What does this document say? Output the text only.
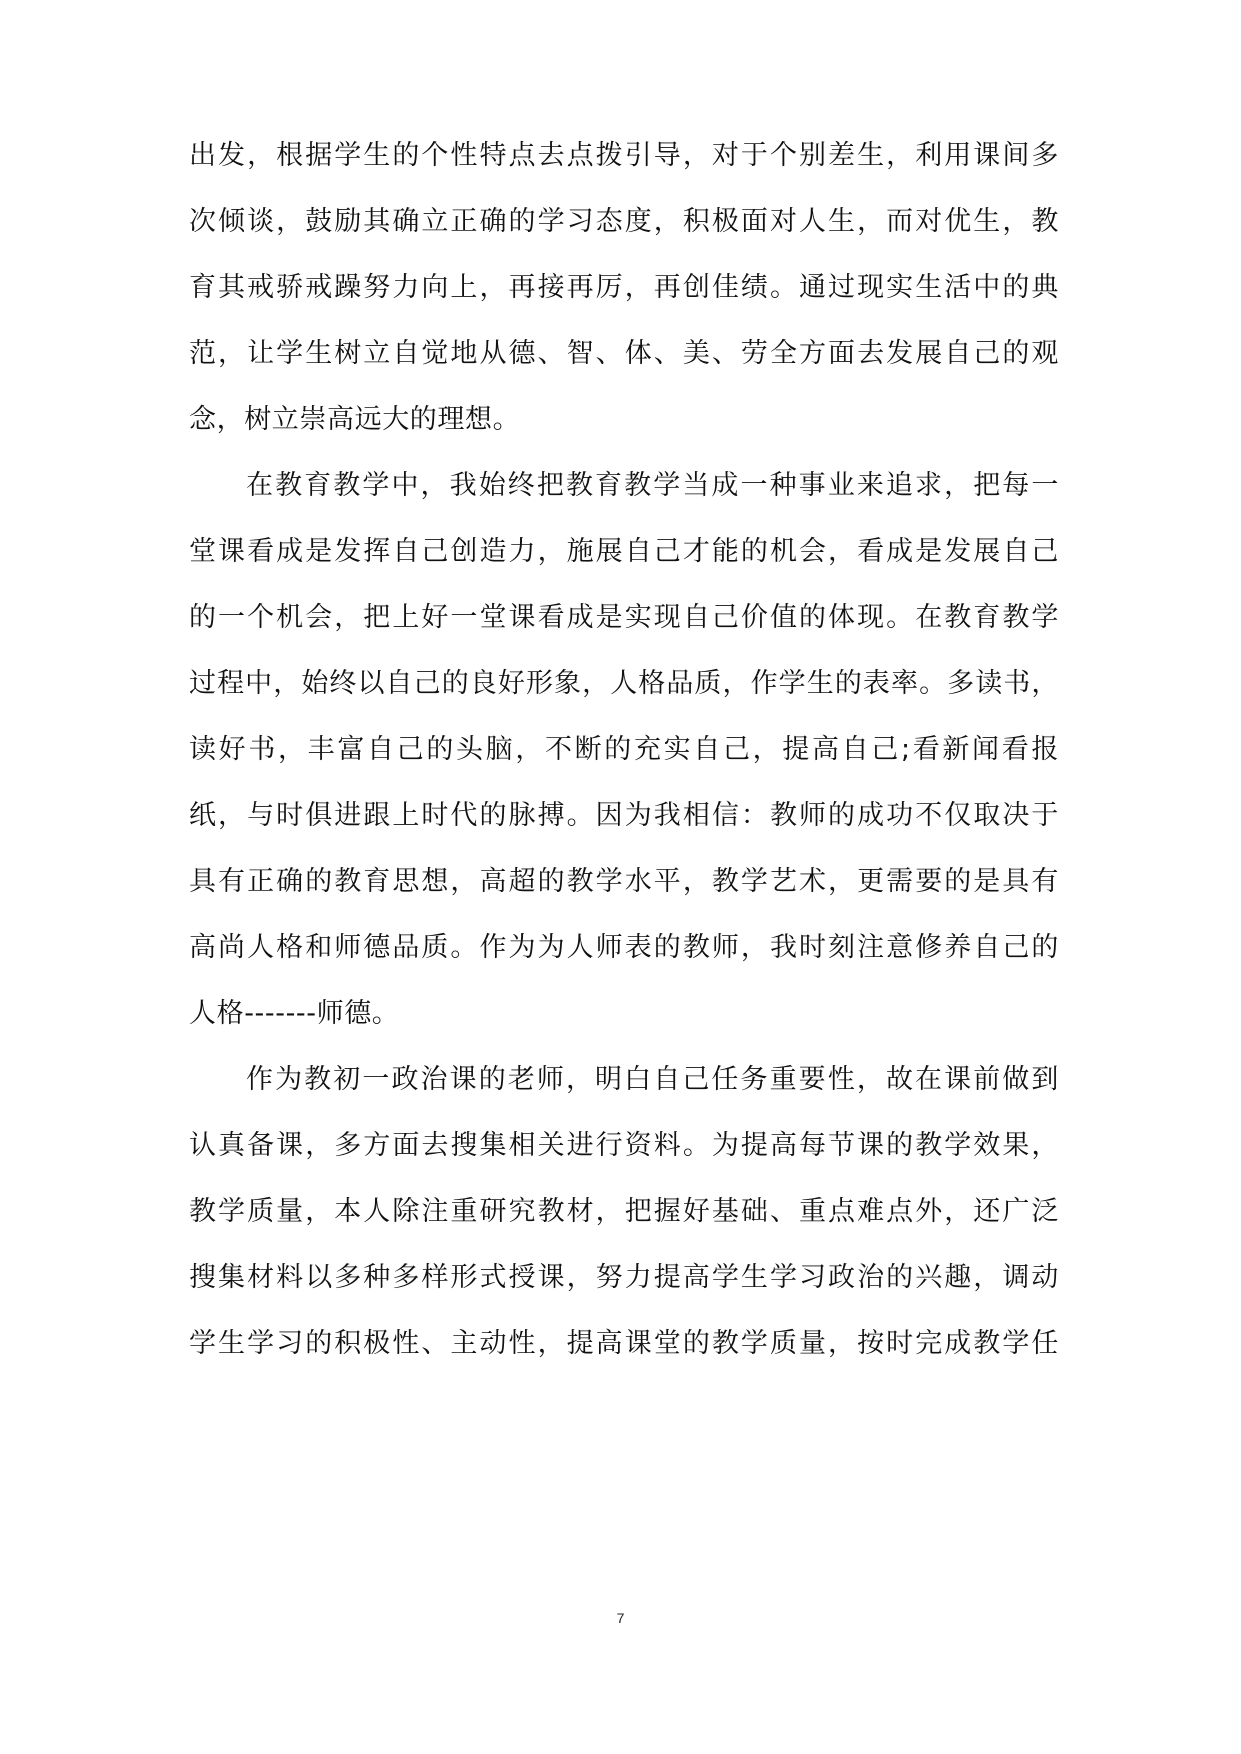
出发，根据学生的个性特点去点拨引导，对于个别差生，利用课间多
次倾谈，鼓励其确立正确的学习态度，积极面对人生，而对优生，教
育其戒骄戒躁努力向上，再接再厉，再创佳绩。通过现实生活中的典
范，让学生树立自觉地从德、智、体、美、劳全方面去发展自己的观
念，树立崇高远大的理想。
在教育教学中，我始终把教育教学当成一种事业来追求，把每一
堂课看成是发挥自己创造力，施展自己才能的机会，看成是发展自己
的一个机会，把上好一堂课看成是实现自己价值的体现。在教育教学
过程中，始终以自己的良好形象，人格品质，作学生的表率。多读书，
读好书，丰富自己的头脑，不断的充实自己，提高自己;看新闻看报
纸，与时俱进跟上时代的脉搏。因为我相信：教师的成功不仅取决于
具有正确的教育思想，高超的教学水平，教学艺术，更需要的是具有
高尚人格和师德品质。作为为人师表的教师，我时刻注意修养自己的
人格-------师德。
作为教初一政治课的老师，明白自己任务重要性，故在课前做到
认真备课，多方面去搜集相关进行资料。为提高每节课的教学效果，
教学质量，本人除注重研究教材，把握好基础、重点难点外，还广泛
搜集材料以多种多样形式授课，努力提高学生学习政治的兴趣，调动
学生学习的积极性、主动性，提高课堂的教学质量，按时完成教学任
7
